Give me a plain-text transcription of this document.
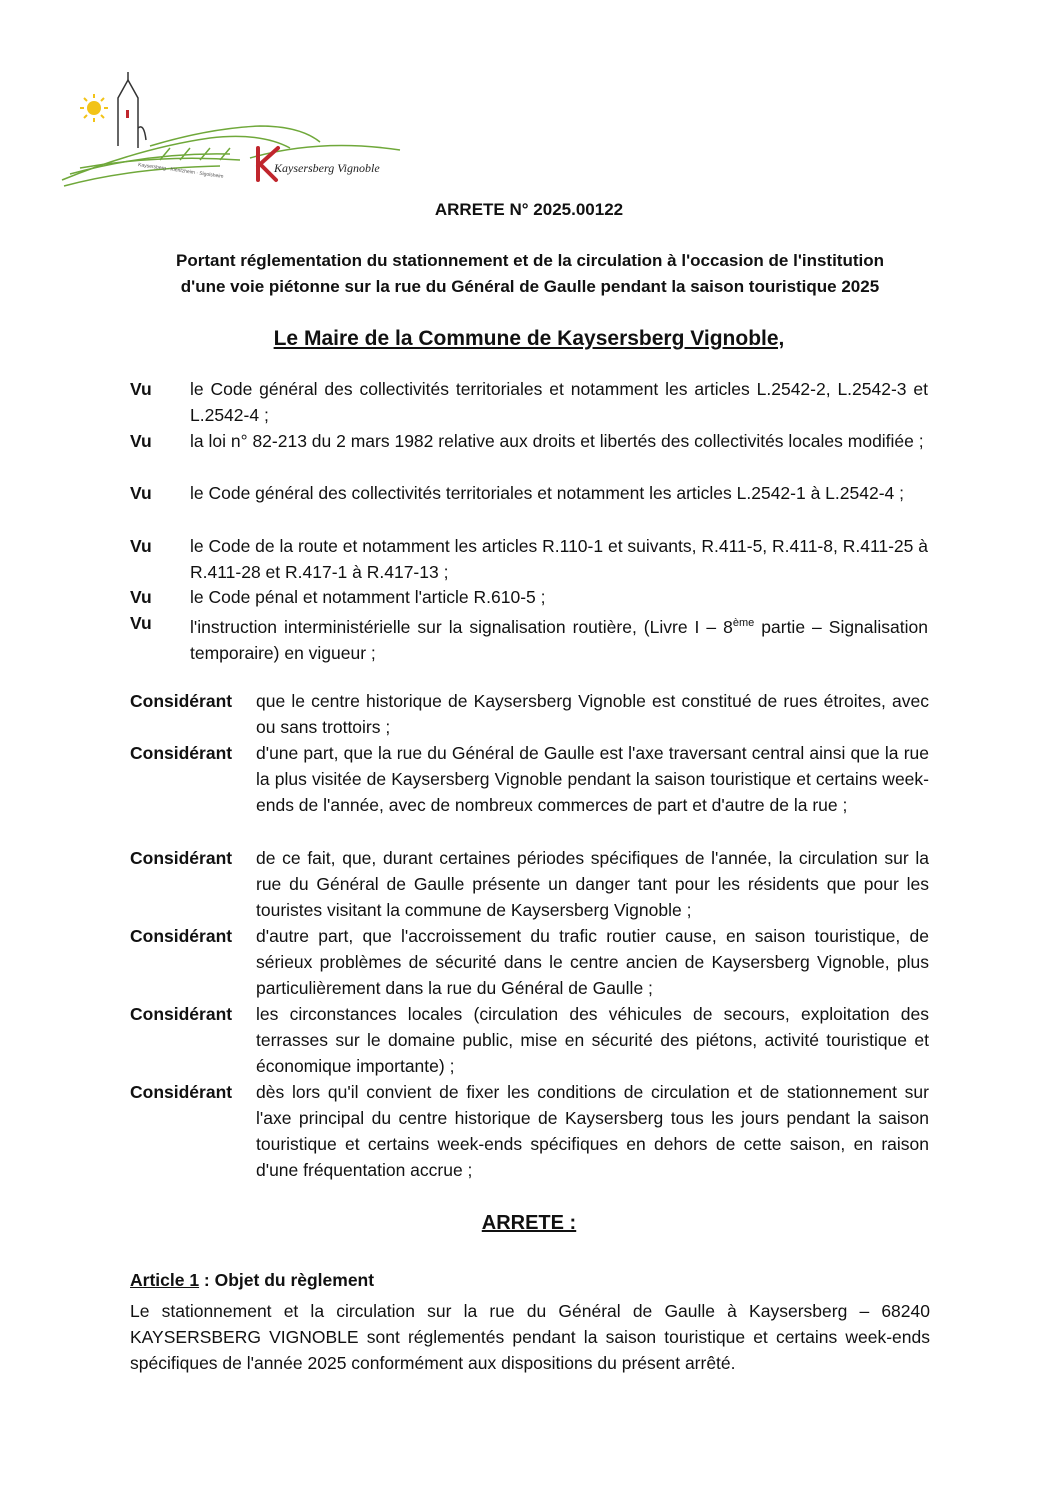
Kaysersberg · Kientzheim · Sigolsheim	Kaysersberg Vignoble
ARRETE N° 2025.00122
Portant réglementation du stationnement et de la circulation à l'occasion de l'institution
d'une voie piétonne sur la rue du Général de Gaulle pendant la saison touristique 2025
Le Maire de la Commune de Kaysersberg Vignoble,
Vu	le Code général des collectivités territoriales et notamment les articles L.2542-2, L.2542-3 et L.2542-4 ;
Vu	la loi n° 82-213 du 2 mars 1982 relative aux droits et libertés des collectivités locales modifiée ;
Vu	le Code général des collectivités territoriales et notamment les articles L.2542-1 à L.2542-4 ;
Vu	le Code de la route et notamment les articles R.110-1 et suivants, R.411-5, R.411-8, R.411-25 à R.411-28 et R.417-1 à R.417-13 ;
Vu	le Code pénal et notamment l'article R.610-5 ;
Vu	l'instruction interministérielle sur la signalisation routière, (Livre I – 8ème partie – Signalisation temporaire) en vigueur ;
Considérant	que le centre historique de Kaysersberg Vignoble est constitué de rues étroites, avec ou sans trottoirs ;
Considérant	d'une part, que la rue du Général de Gaulle est l'axe traversant central ainsi que la rue la plus visitée de Kaysersberg Vignoble pendant la saison touristique et certains week-ends de l'année, avec de nombreux commerces de part et d'autre de la rue ;
Considérant	de ce fait, que, durant certaines périodes spécifiques de l'année, la circulation sur la rue du Général de Gaulle présente un danger tant pour les résidents que pour les touristes visitant la commune de Kaysersberg Vignoble ;
Considérant	d'autre part, que l'accroissement du trafic routier cause, en saison touristique, de sérieux problèmes de sécurité dans le centre ancien de Kaysersberg Vignoble, plus particulièrement dans la rue du Général de Gaulle ;
Considérant	les circonstances locales (circulation des véhicules de secours, exploitation des terrasses sur le domaine public, mise en sécurité des piétons, activité touristique et économique importante) ;
Considérant	dès lors qu'il convient de fixer les conditions de circulation et de stationnement sur l'axe principal du centre historique de Kaysersberg tous les jours pendant la saison touristique et certains week-ends spécifiques en dehors de cette saison, en raison d'une fréquentation accrue ;
ARRETE :
Article 1 : Objet du règlement
Le stationnement et la circulation sur la rue du Général de Gaulle à Kaysersberg – 68240 KAYSERSBERG VIGNOBLE sont réglementés pendant la saison touristique et certains week-ends spécifiques de l'année 2025 conformément aux dispositions du présent arrêté.
